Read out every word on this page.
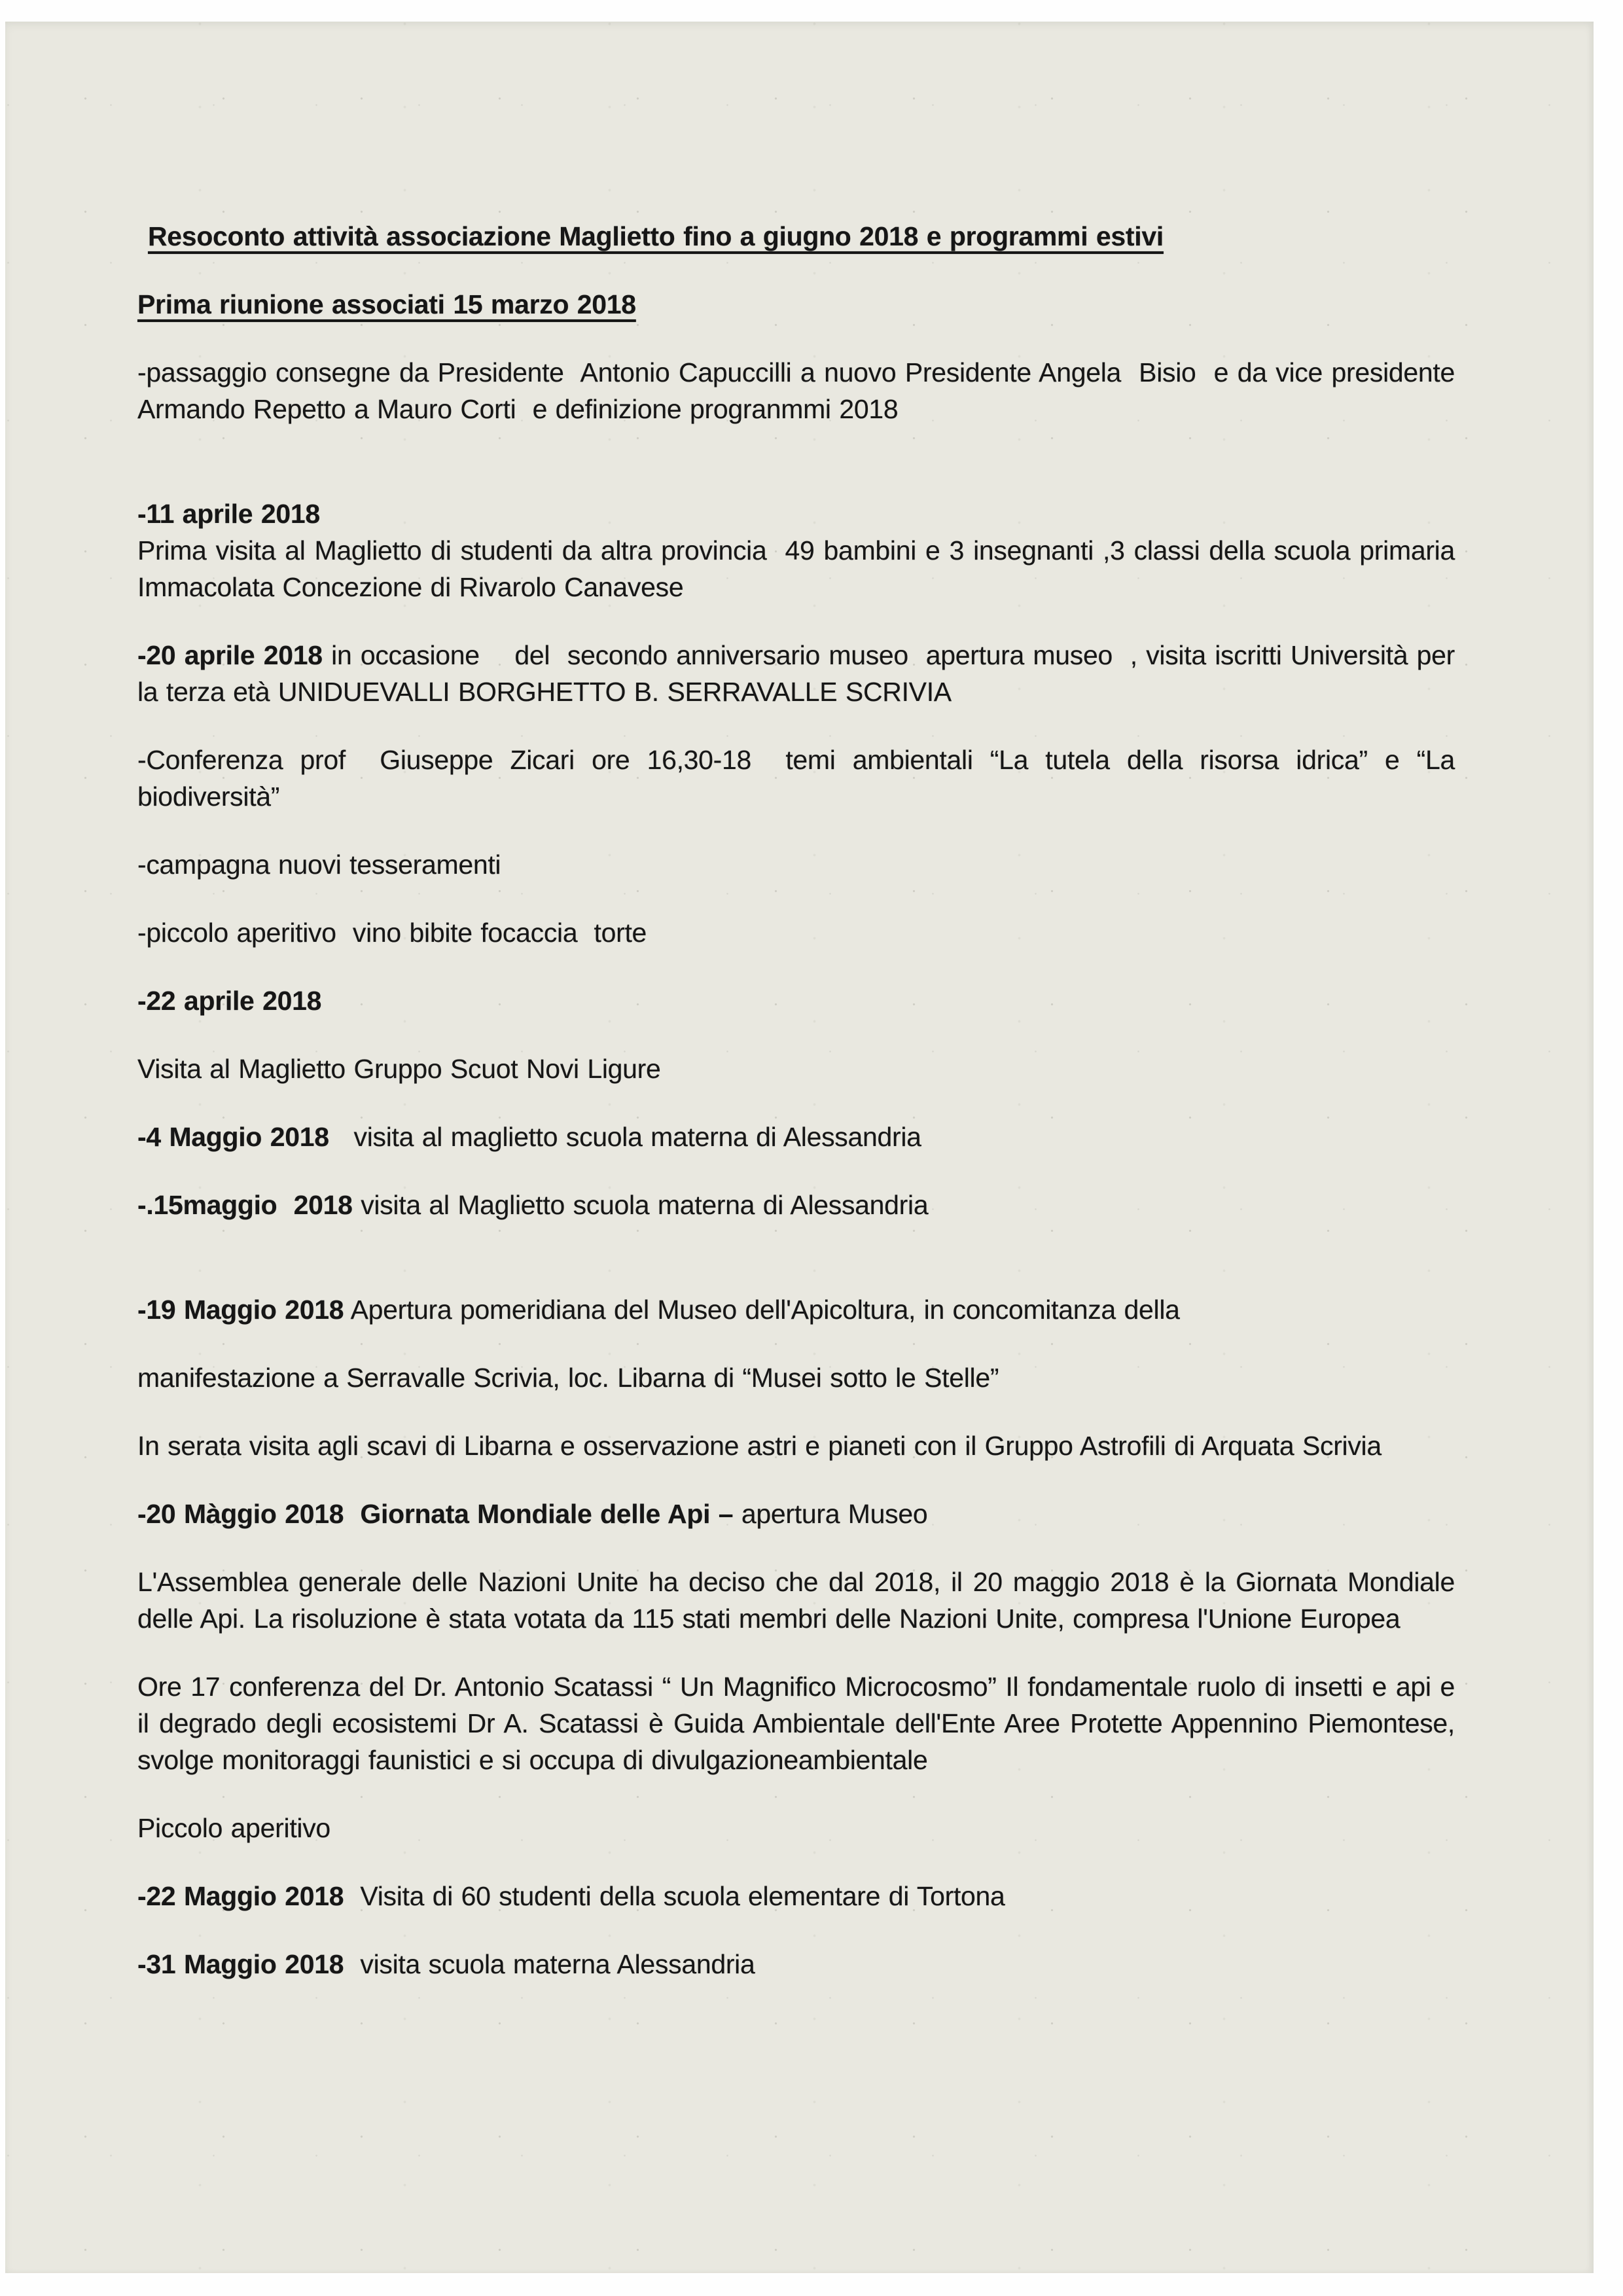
Resoconto attività associazione Maglietto fino a giugno 2018 e programmi estivi
Prima riunione associati 15 marzo 2018

-passaggio consegne da Presidente  Antonio Capuccilli a nuovo Presidente Angela  Bisio  e da vice presidente Armando Repetto a Mauro Corti  e definizione progranmmi 2018

-11 aprile 2018

Prima visita al Maglietto di studenti da altra provincia  49 bambini e 3 insegnanti ,3 classi della scuola primaria Immacolata Concezione di Rivarolo Canavese

-20 aprile 2018 in occasione    del  secondo anniversario museo  apertura museo  , visita iscritti Università per la terza età UNIDUEVALLI BORGHETTO B. SERRAVALLE SCRIVIA

-Conferenza prof  Giuseppe Zicari ore 16,30-18  temi ambientali “La tutela della risorsa idrica” e “La biodiversità”

-campagna nuovi tesseramenti

-piccolo aperitivo  vino bibite focaccia  torte

-22 aprile 2018

Visita al Maglietto Gruppo Scuot Novi Ligure

-4 Maggio 2018   visita al maglietto scuola materna di Alessandria

-.15maggio  2018 visita al Maglietto scuola materna di Alessandria

-19 Maggio 2018 Apertura pomeridiana del Museo dell'Apicoltura, in concomitanza della

manifestazione a Serravalle Scrivia, loc. Libarna di “Musei sotto le Stelle”

In serata visita agli scavi di Libarna e osservazione astri e pianeti con il Gruppo Astrofili di Arquata Scrivia

-20 Màggio 2018  Giornata Mondiale delle Api – apertura Museo

L'Assemblea generale delle Nazioni Unite ha deciso che dal 2018, il 20 maggio 2018 è la Giornata Mondiale delle Api. La risoluzione è stata votata da 115 stati membri delle Nazioni Unite, compresa l'Unione Europea

Ore 17 conferenza del Dr. Antonio Scatassi “ Un Magnifico Microcosmo” Il fondamentale ruolo di insetti e api e il degrado degli ecosistemi Dr A. Scatassi è Guida Ambientale dell'Ente Aree Protette Appennino Piemontese, svolge monitoraggi faunistici e si occupa di divulgazioneambientale

Piccolo aperitivo

-22 Maggio 2018  Visita di 60 studenti della scuola elementare di Tortona

-31 Maggio 2018  visita scuola materna Alessandria
